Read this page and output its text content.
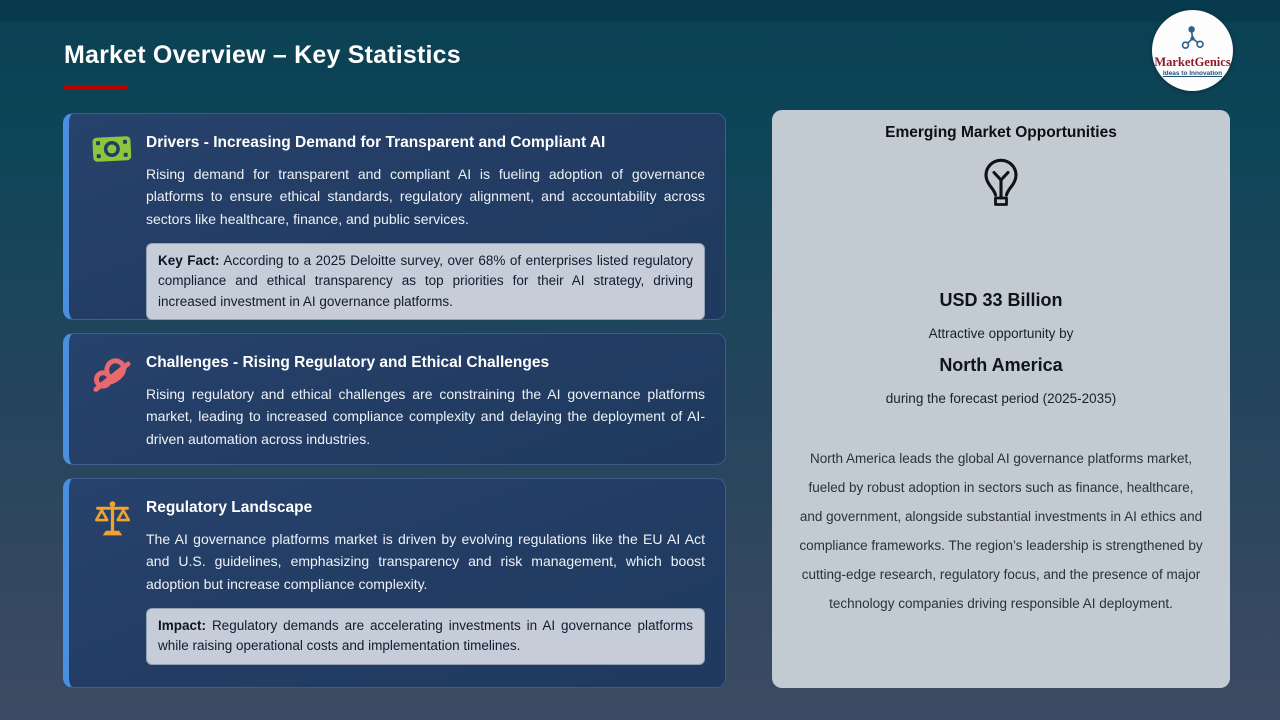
Market Overview – Key Statistics	MarketGenics
Ideas to Innovation
Drivers - Increasing Demand for Transparent and Compliant AI

Rising demand for transparent and compliant AI is fueling adoption of governance platforms to ensure ethical standards, regulatory alignment, and accountability across sectors like healthcare, finance, and public services.

Key Fact: According to a 2025 Deloitte survey, over 68% of enterprises listed regulatory compliance and ethical transparency as top priorities for their AI strategy, driving increased investment in AI governance platforms.

Challenges - Rising Regulatory and Ethical Challenges

Rising regulatory and ethical challenges are constraining the AI governance platforms market, leading to increased compliance complexity and delaying the deployment of AI-driven automation across industries.

Regulatory Landscape

The AI governance platforms market is driven by evolving regulations like the EU AI Act and U.S. guidelines, emphasizing transparency and risk management, which boost adoption but increase compliance complexity.

Impact: Regulatory demands are accelerating investments in AI governance platforms while raising operational costs and implementation timelines.

Emerging Market Opportunities
USD 33 Billion
Attractive opportunity by
North America
during the forecast period (2025-2035)

North America leads the global AI governance platforms market, fueled by robust adoption in sectors such as finance, healthcare, and government, alongside substantial investments in AI ethics and compliance frameworks. The region’s leadership is strengthened by cutting-edge research, regulatory focus, and the presence of major technology companies driving responsible AI deployment.
